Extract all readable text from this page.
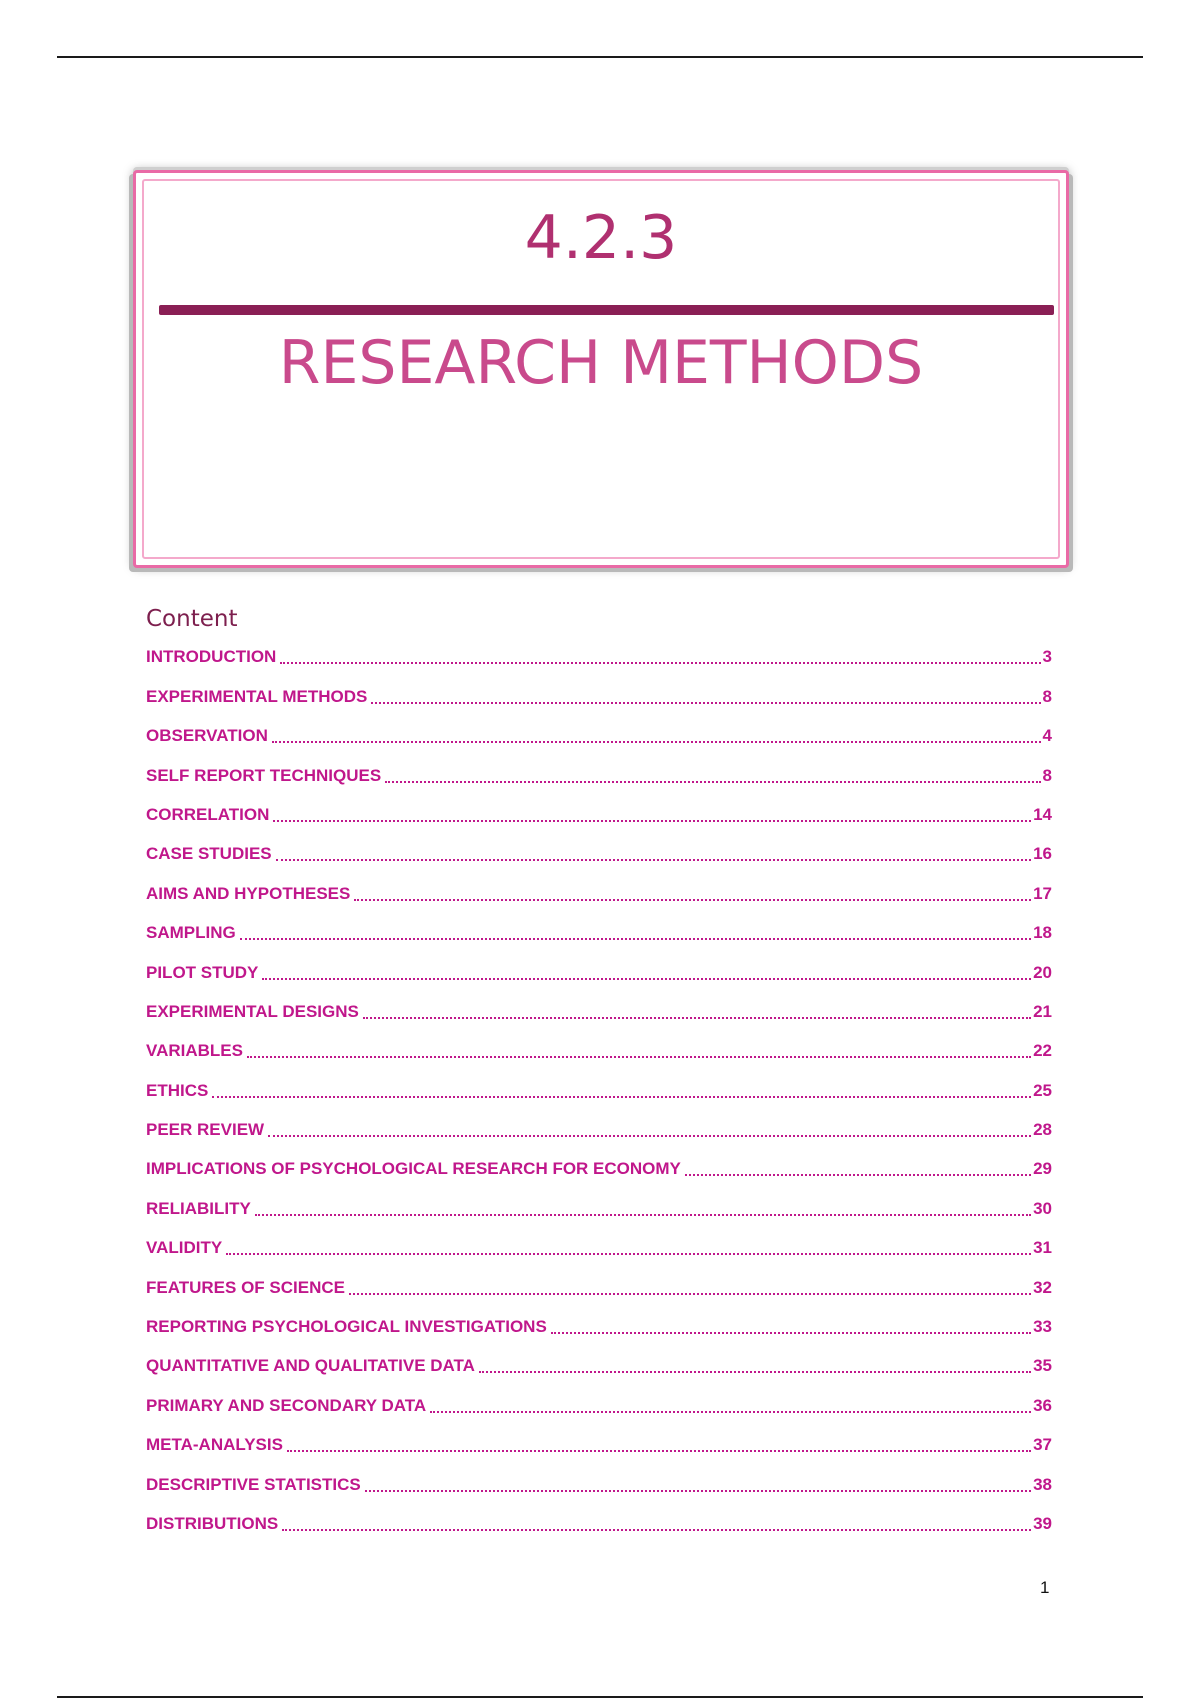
4.2.3
RESEARCH METHODS
Content
INTRODUCTION	3
EXPERIMENTAL METHODS	8
OBSERVATION	4
SELF REPORT TECHNIQUES	8
CORRELATION	14
CASE STUDIES	16
AIMS AND HYPOTHESES	17
SAMPLING	18
PILOT STUDY	20
EXPERIMENTAL DESIGNS	21
VARIABLES	22
ETHICS	25
PEER REVIEW	28
IMPLICATIONS OF PSYCHOLOGICAL RESEARCH FOR ECONOMY	29
RELIABILITY	30
VALIDITY	31
FEATURES OF SCIENCE	32
REPORTING PSYCHOLOGICAL INVESTIGATIONS	33
QUANTITATIVE AND QUALITATIVE DATA	35
PRIMARY AND SECONDARY DATA	36
META-ANALYSIS	37
DESCRIPTIVE STATISTICS	38
DISTRIBUTIONS	39
1
